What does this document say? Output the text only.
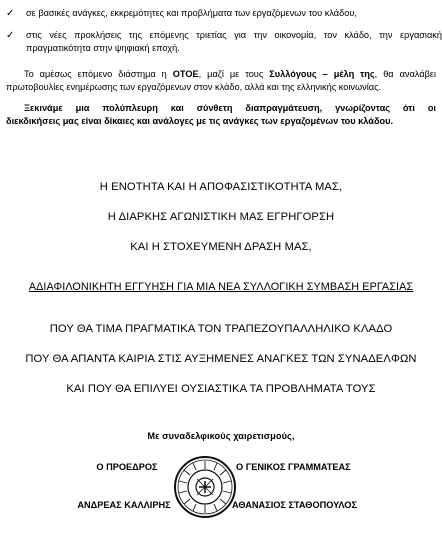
✓	σε βασικές ανάγκες, εκκρεμότητες και προβλήματα των εργαζόμενων του κλάδου,
✓	στις νέες προκλήσεις της επόμενης τριετίας για την οικονομία, τον κλάδο, την εργασιακή
πραγματικότητα στην ψηφιακή εποχή.
Το αμέσως επόμενο διάστημα η ΟΤΟΕ, μαζί με τους Συλλόγους – μέλη της, θα αναλάβει
πρωτοβουλίες ενημέρωσης των εργαζόμενων στον κλάδο, αλλά και της ελληνικής κοινωνίας.
Ξεκινάμε μια πολύπλευρη και σύνθετη διαπραγμάτευση, γνωρίζοντας ότι οι
διεκδικήσεις μας είναι δίκαιες και ανάλογες με τις ανάγκες των εργαζομένων του κλάδου.
Η ΕΝΟΤΗΤΑ ΚΑΙ Η ΑΠΟΦΑΣΙΣΤΙΚΟΤΗΤΑ ΜΑΣ,
Η ΔΙΑΡΚΗΣ ΑΓΩΝΙΣΤΙΚΗ ΜΑΣ ΕΓΡΗΓΟΡΣΗ
ΚΑΙ Η ΣΤΟΧΕΥΜΕΝΗ ΔΡΑΣΗ ΜΑΣ,
ΑΔΙΑΦΙΛΟΝΙΚΗΤΗ ΕΓΓΥΗΣΗ ΓΙΑ ΜΙΑ ΝΕΑ ΣΥΛΛΟΓΙΚΗ ΣΥΜΒΑΣΗ ΕΡΓΑΣΙΑΣ
ΠΟΥ ΘΑ ΤΙΜΑ ΠΡΑΓΜΑΤΙΚΑ ΤΟΝ ΤΡΑΠΕΖΟΥΠΑΛΛΗΛΙΚΟ ΚΛΑΔΟ
ΠΟΥ ΘΑ ΑΠΑΝΤΑ ΚΑΙΡΙΑ ΣΤΙΣ ΑΥΞΗΜΕΝΕΣ ΑΝΑΓΚΕΣ ΤΩΝ ΣΥΝΑΔΕΛΦΩΝ
ΚΑΙ ΠΟΥ ΘΑ ΕΠΙΛΥΕΙ ΟΥΣΙΑΣΤΙΚΑ ΤΑ ΠΡΟΒΛΗΜΑΤΑ ΤΟΥΣ
Με συναδελφικούς χαιρετισμούς,
Ο ΠΡΟΕΔΡΟΣ	Ο ΓΕΝΙΚΟΣ ΓΡΑΜΜΑΤΕΑΣ
ΑΝΔΡΕΑΣ ΚΑΛΛΙΡΗΣ	ΑΘΑΝΑΣΙΟΣ ΣΤΑΘΟΠΟΥΛΟΣ
